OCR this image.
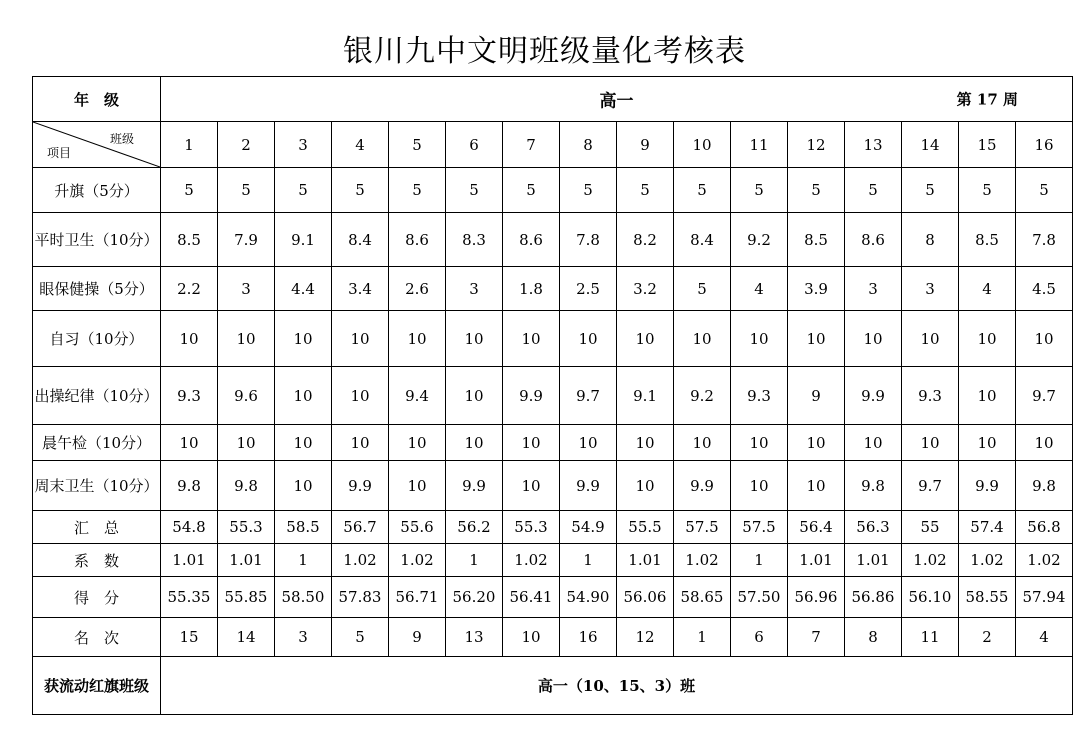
银川九中文明班级量化考核表
年　级	高一 第 17 周															

班级
项目	1	2	3	4	5	6	7	8	9	10	11	12	13	14	15	16
升旗（5分）	5	5	5	5	5	5	5	5	5	5	5	5	5	5	5	5
平时卫生（10分）	8.5	7.9	9.1	8.4	8.6	8.3	8.6	7.8	8.2	8.4	9.2	8.5	8.6	8	8.5	7.8
眼保健操（5分）	2.2	3	4.4	3.4	2.6	3	1.8	2.5	3.2	5	4	3.9	3	3	4	4.5
自习（10分）	10	10	10	10	10	10	10	10	10	10	10	10	10	10	10	10
出操纪律（10分）	9.3	9.6	10	10	9.4	10	9.9	9.7	9.1	9.2	9.3	9	9.9	9.3	10	9.7
晨午检（10分）	10	10	10	10	10	10	10	10	10	10	10	10	10	10	10	10
周末卫生（10分）	9.8	9.8	10	9.9	10	9.9	10	9.9	10	9.9	10	10	9.8	9.7	9.9	9.8
汇　总	54.8	55.3	58.5	56.7	55.6	56.2	55.3	54.9	55.5	57.5	57.5	56.4	56.3	55	57.4	56.8
系　数	1.01	1.01	1	1.02	1.02	1	1.02	1	1.01	1.02	1	1.01	1.01	1.02	1.02	1.02
得　分	55.35	55.85	58.50	57.83	56.71	56.20	56.41	54.90	56.06	58.65	57.50	56.96	56.86	56.10	58.55	57.94
名　次	15	14	3	5	9	13	10	16	12	1	6	7	8	11	2	4
获流动红旗班级	高一（10、15、3）班															
